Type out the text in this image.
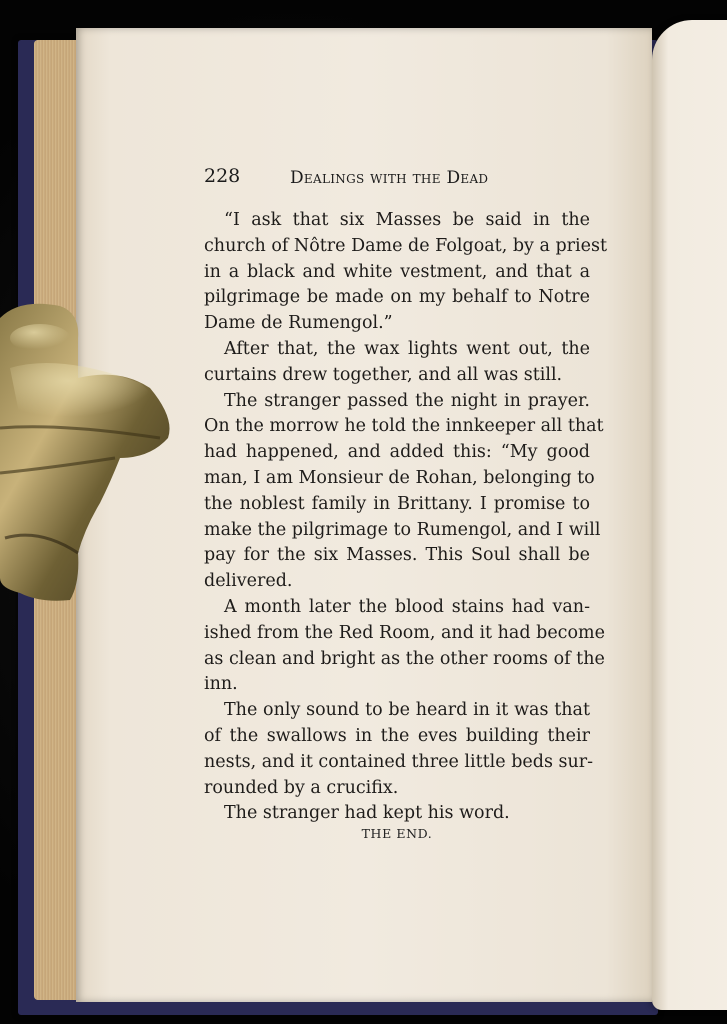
228	Dealings with the Dead
“I ask that six Masses be said in the
church of Nôtre Dame de Folgoat, by a priest
in a black and white vestment, and that a
pilgrimage be made on my behalf to Notre
Dame de Rumengol.”
After that, the wax lights went out, the
curtains drew together, and all was still.
The stranger passed the night in prayer.
On the morrow he told the innkeeper all that
had happened, and added this: “My good
man, I am Monsieur de Rohan, belonging to
the noblest family in Brittany. I promise to
make the pilgrimage to Rumengol, and I will
pay for the six Masses. This Soul shall be
delivered.
A month later the blood stains had van-
ished from the Red Room, and it had become
as clean and bright as the other rooms of the
inn.
The only sound to be heard in it was that
of the swallows in the eves building their
nests, and it contained three little beds sur-
rounded by a crucifix.
The stranger had kept his word.
THE END.
